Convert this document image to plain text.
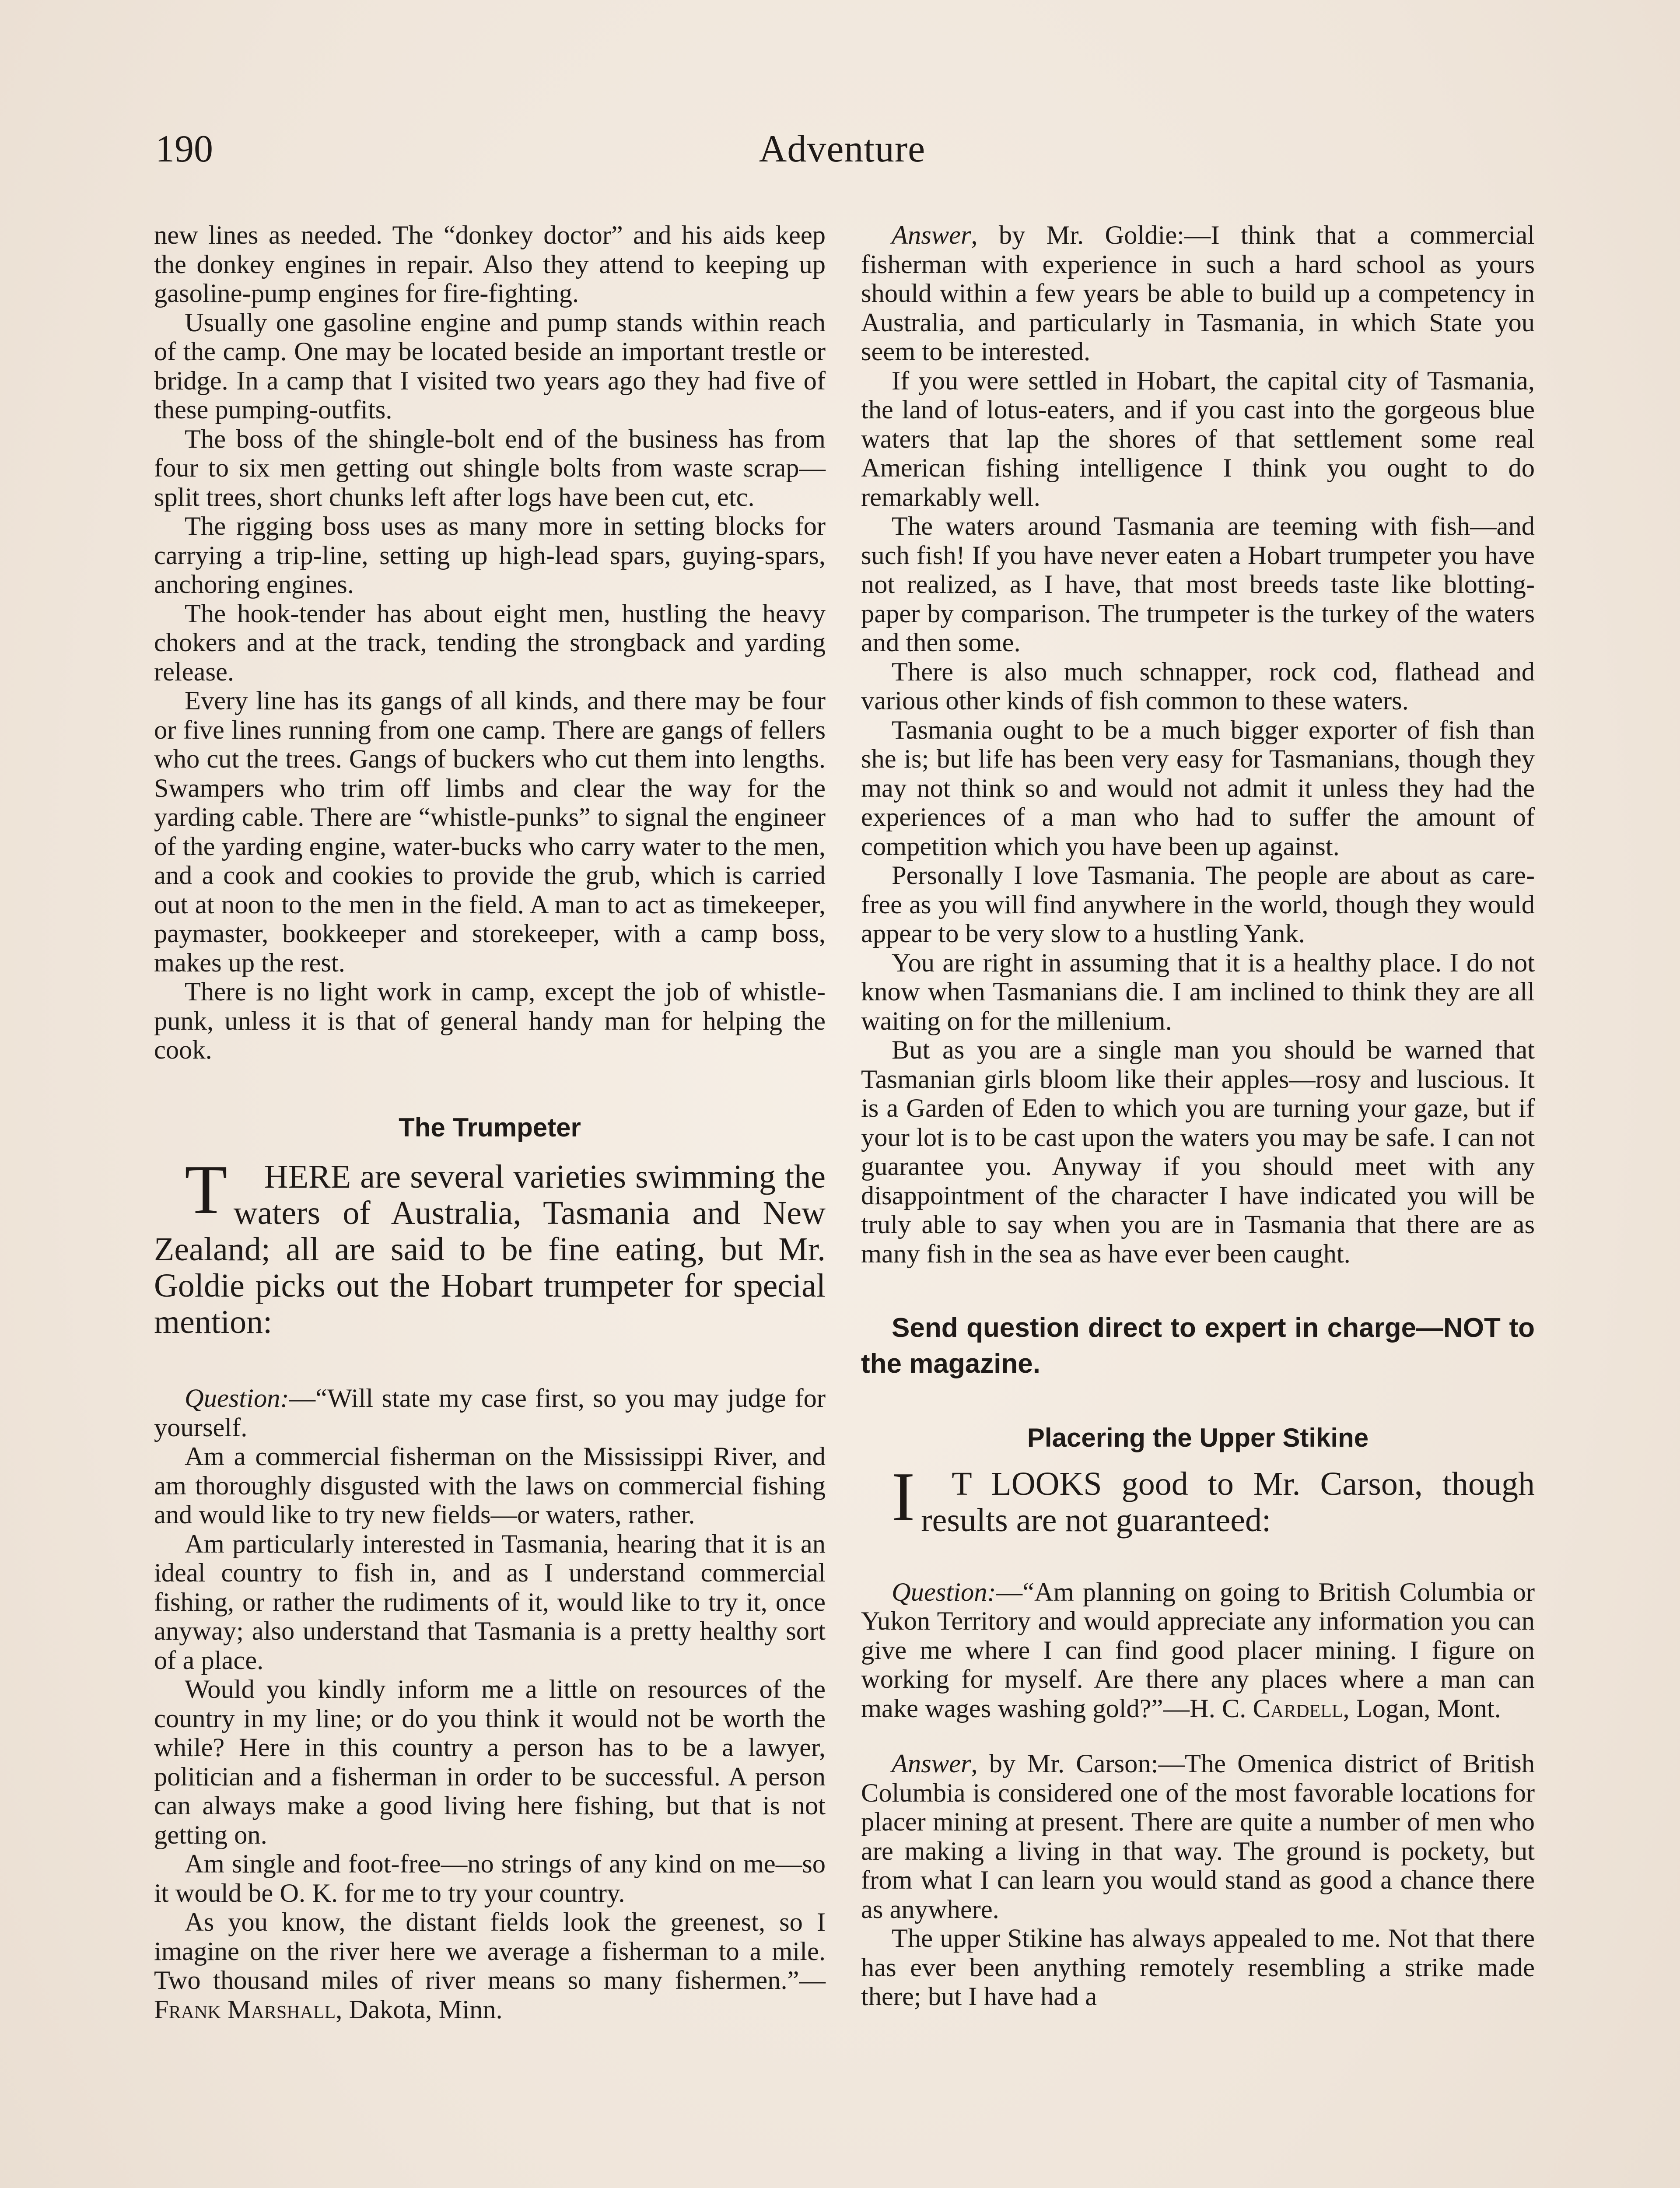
190	Adventure

new lines as needed. The “donkey doctor” and his aids keep the donkey engines in repair. Also they attend to keeping up gasoline-pump engines for fire-fighting.

Usually one gasoline engine and pump stands within reach of the camp. One may be located beside an important trestle or bridge. In a camp that I visited two years ago they had five of these pumping-outfits.

The boss of the shingle-bolt end of the business has from four to six men getting out shingle bolts from waste scrap—split trees, short chunks left after logs have been cut, etc.

The rigging boss uses as many more in setting blocks for carrying a trip-line, setting up high-lead spars, guying-spars, anchoring engines.

The hook-tender has about eight men, hustling the heavy chokers and at the track, tending the strongback and yarding release.

Every line has its gangs of all kinds, and there may be four or five lines running from one camp. There are gangs of fellers who cut the trees. Gangs of buckers who cut them into lengths. Swampers who trim off limbs and clear the way for the yarding cable. There are “whistle-punks” to signal the engineer of the yarding engine, water-bucks who carry water to the men, and a cook and cookies to provide the grub, which is carried out at noon to the men in the field. A man to act as timekeeper, paymaster, bookkeeper and storekeeper, with a camp boss, makes up the rest.

There is no light work in camp, except the job of whistle-punk, unless it is that of general handy man for helping the cook.

The Trumpeter

T HERE are several varieties swimming the waters of Australia, Tasmania and New Zealand; all are said to be fine eating, but Mr. Goldie picks out the Hobart trumpeter for special mention:

Question:—“Will state my case first, so you may judge for yourself.

Am a commercial fisherman on the Mississippi River, and am thoroughly disgusted with the laws on commercial fishing and would like to try new fields—or waters, rather.

Am particularly interested in Tasmania, hearing that it is an ideal country to fish in, and as I understand commercial fishing, or rather the rudiments of it, would like to try it, once anyway; also understand that Tasmania is a pretty healthy sort of a place.

Would you kindly inform me a little on resources of the country in my line; or do you think it would not be worth the while? Here in this country a person has to be a lawyer, politician and a fisherman in order to be successful. A person can always make a good living here fishing, but that is not getting on.

Am single and foot-free—no strings of any kind on me—so it would be O. K. for me to try your country.

As you know, the distant fields look the greenest, so I imagine on the river here we average a fisherman to a mile. Two thousand miles of river means so many fishermen.”—Frank Marshall, Dakota, Minn.

Answer, by Mr. Goldie:—I think that a commercial fisherman with experience in such a hard school as yours should within a few years be able to build up a competency in Australia, and particularly in Tasmania, in which State you seem to be interested.

If you were settled in Hobart, the capital city of Tasmania, the land of lotus-eaters, and if you cast into the gorgeous blue waters that lap the shores of that settlement some real American fishing intelligence I think you ought to do remarkably well.

The waters around Tasmania are teeming with fish—and such fish! If you have never eaten a Hobart trumpeter you have not realized, as I have, that most breeds taste like blotting-paper by comparison. The trumpeter is the turkey of the waters and then some.

There is also much schnapper, rock cod, flathead and various other kinds of fish common to these waters.

Tasmania ought to be a much bigger exporter of fish than she is; but life has been very easy for Tasmanians, though they may not think so and would not admit it unless they had the experiences of a man who had to suffer the amount of competition which you have been up against.

Personally I love Tasmania. The people are about as care-free as you will find anywhere in the world, though they would appear to be very slow to a hustling Yank.

You are right in assuming that it is a healthy place. I do not know when Tasmanians die. I am inclined to think they are all waiting on for the millenium.

But as you are a single man you should be warned that Tasmanian girls bloom like their apples—rosy and luscious. It is a Garden of Eden to which you are turning your gaze, but if your lot is to be cast upon the waters you may be safe. I can not guarantee you. Anyway if you should meet with any disappointment of the character I have indicated you will be truly able to say when you are in Tasmania that there are as many fish in the sea as have ever been caught.

Send question direct to expert in charge—NOT to the magazine.

Placering the Upper Stikine

I T LOOKS good to Mr. Carson, though results are not guaranteed:

Question:—“Am planning on going to British Columbia or Yukon Territory and would appreciate any information you can give me where I can find good placer mining. I figure on working for myself. Are there any places where a man can make wages washing gold?”—H. C. Cardell, Logan, Mont.

Answer, by Mr. Carson:—The Omenica district of British Columbia is considered one of the most favorable locations for placer mining at present. There are quite a number of men who are making a living in that way. The ground is pockety, but from what I can learn you would stand as good a chance there as anywhere.

The upper Stikine has always appealed to me. Not that there has ever been anything remotely resembling a strike made there; but I have had a
